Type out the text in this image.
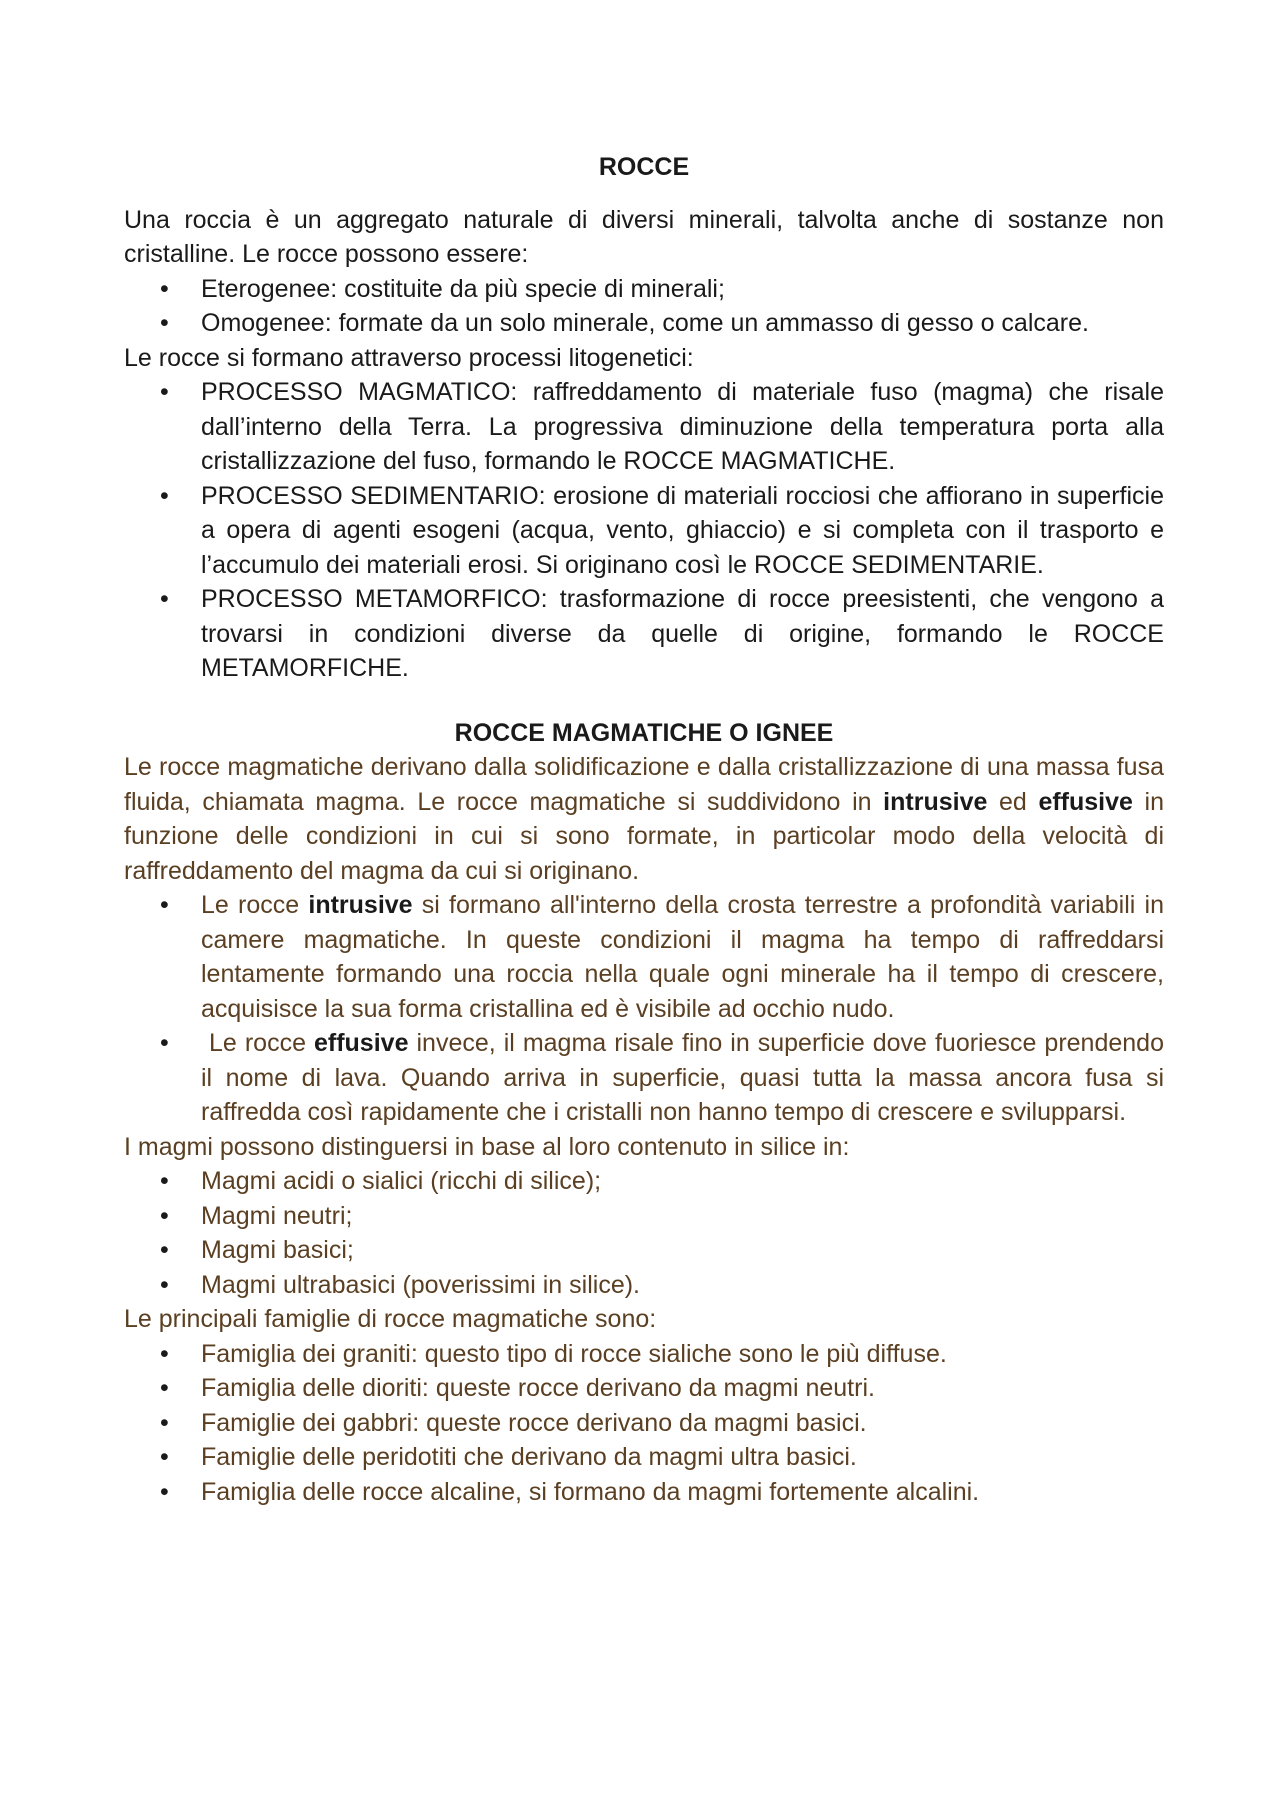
ROCCE

Una roccia è un aggregato naturale di diversi minerali, talvolta anche di sostanze non cristalline. Le rocce possono essere:

• Eterogenee: costituite da più specie di minerali;
• Omogenee: formate da un solo minerale, come un ammasso di gesso o calcare.

Le rocce si formano attraverso processi litogenetici:

• PROCESSO MAGMATICO: raffreddamento di materiale fuso (magma) che risale dall’interno della Terra. La progressiva diminuzione della temperatura porta alla cristallizzazione del fuso, formando le ROCCE MAGMATICHE.
• PROCESSO SEDIMENTARIO: erosione di materiali rocciosi che affiorano in superficie a opera di agenti esogeni (acqua, vento, ghiaccio) e si completa con il trasporto e l’accumulo dei materiali erosi. Si originano così le ROCCE SEDIMENTARIE.
• PROCESSO METAMORFICO: trasformazione di rocce preesistenti, che vengono a trovarsi in condizioni diverse da quelle di origine, formando le ROCCE METAMORFICHE.
ROCCE MAGMATICHE O IGNEE

Le rocce magmatiche derivano dalla solidificazione e dalla cristallizzazione di una massa fusa fluida, chiamata magma. Le rocce magmatiche si suddividono in intrusive ed effusive in funzione delle condizioni in cui si sono formate, in particolar modo della velocità di raffreddamento del magma da cui si originano.

• Le rocce intrusive si formano all'interno della crosta terrestre a profondità variabili in camere magmatiche. In queste condizioni il magma ha tempo di raffreddarsi lentamente formando una roccia nella quale ogni minerale ha il tempo di crescere, acquisisce la sua forma cristallina ed è visibile ad occhio nudo.
•  Le rocce effusive invece, il magma risale fino in superficie dove fuoriesce prendendo il nome di lava. Quando arriva in superficie, quasi tutta la massa ancora fusa si raffredda così rapidamente che i cristalli non hanno tempo di crescere e svilupparsi.

I magmi possono distinguersi in base al loro contenuto in silice in:

• Magmi acidi o sialici (ricchi di silice);
• Magmi neutri;
• Magmi basici;
• Magmi ultrabasici (poverissimi in silice).

Le principali famiglie di rocce magmatiche sono:

• Famiglia dei graniti: questo tipo di rocce sialiche sono le più diffuse.
• Famiglia delle dioriti: queste rocce derivano da magmi neutri.
• Famiglie dei gabbri: queste rocce derivano da magmi basici.
• Famiglie delle peridotiti che derivano da magmi ultra basici.
• Famiglia delle rocce alcaline, si formano da magmi fortemente alcalini.
